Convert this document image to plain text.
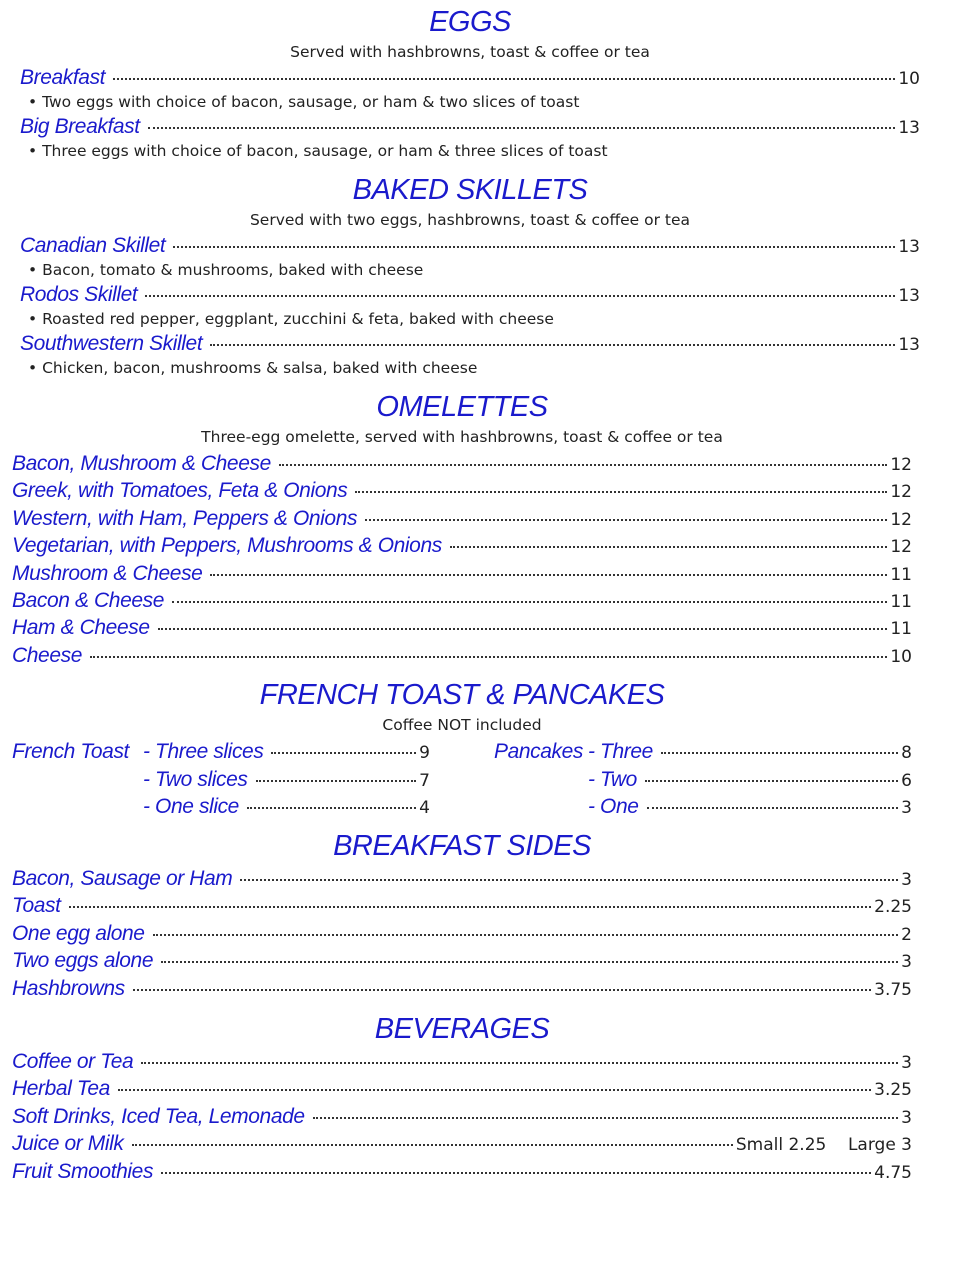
EGGS
Served with hashbrowns, toast & coffee or tea
Breakfast	10
• Two eggs with choice of bacon, sausage, or ham & two slices of toast
Big Breakfast	13
• Three eggs with choice of bacon, sausage, or ham & three slices of toast
BAKED SKILLETS
Served with two eggs, hashbrowns, toast & coffee or tea
Canadian Skillet	13
• Bacon, tomato & mushrooms, baked with cheese
Rodos Skillet	13
• Roasted red pepper, eggplant, zucchini & feta, baked with cheese
Southwestern Skillet	13
• Chicken, bacon, mushrooms & salsa, baked with cheese
OMELETTES
Three-egg omelette, served with hashbrowns, toast & coffee or tea
Bacon, Mushroom & Cheese	12
Greek, with Tomatoes, Feta & Onions	12
Western, with Ham, Peppers & Onions	12
Vegetarian, with Peppers, Mushrooms & Onions	12
Mushroom & Cheese	11
Bacon & Cheese	11
Ham & Cheese	11
Cheese	10
FRENCH TOAST & PANCAKES
Coffee NOT included
French Toast - Three slices	9
- Two slices	7
- One slice	4
Pancakes - Three	8
- Two	6
- One	3
BREAKFAST SIDES
Bacon, Sausage or Ham	3
Toast	2.25
One egg alone	2
Two eggs alone	3
Hashbrowns	3.75
BEVERAGES
Coffee or Tea	3
Herbal Tea	3.25
Soft Drinks, Iced Tea, Lemonade	3
Juice or Milk	Small 2.25    Large 3
Fruit Smoothies	4.75
